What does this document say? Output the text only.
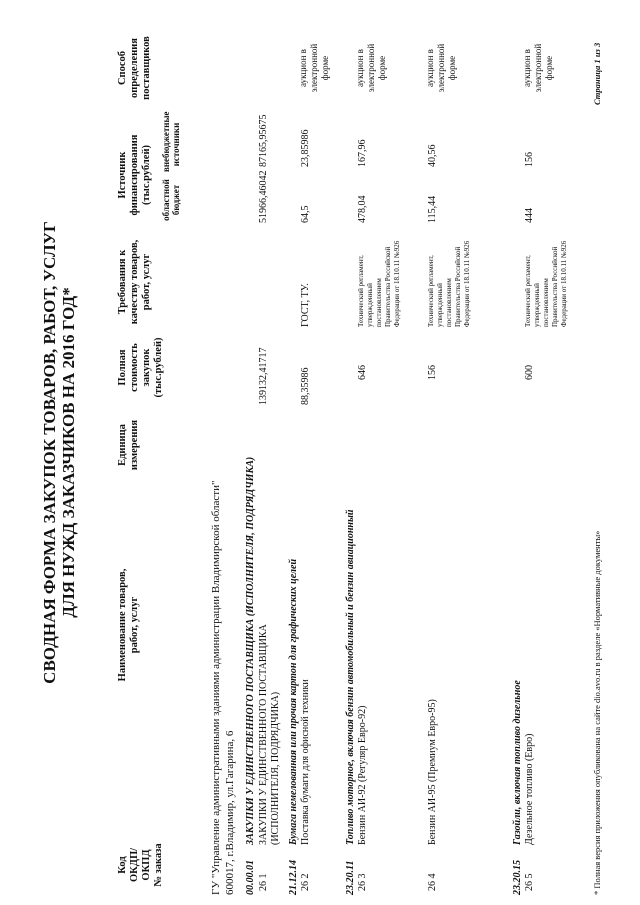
СВОДНАЯ ФОРМА ЗАКУПОК ТОВАРОВ, РАБОТ, УСЛУГ ДЛЯ НУЖД ЗАКАЗЧИКОВ НА 2016 ГОД*
Код ОКДП/ ОКПД № заказа
Наименование товаров, работ, услуг
Единица измерения
Полная стоимость закупок (тыс.рублей)
Требования к качеству товаров, работ, услуг
Источник финансирования (тыс.рублей) областной бюджет
внебюджетные источники
Способ определения поставщиков
ГУ "Управление административными зданиями администрации Владимирской области" 600017, г.Владимир, ул.Гагарина, 6 00.00.01
ЗАКУПКИ У ЕДИНСТВЕННОГО ПОСТАВЩИКА (ИСПОЛНИТЕЛЯ, ПОДРЯДЧИКА)
26 1
ЗАКУПКИ У ЕДИНСТВЕННОГО ПОСТАВЩИКА (ИСПОЛНИТЕЛЯ, ПОДРЯДЧИКА)
139132,41717
51966,46042
87165,95675
21.12.14
Бумага немелованная или прочая картон для графических целей
26 2
Поставка бумаги для офисной техники
88,35986
ГОСТ, ТУ.
64,5
23,85986
аукцион в электронной форме
23.20.11
Топливо моторное, включая бензин автомобильный и бензин авиационный
26 3
Бензин АИ-92 (Регуляр Евро-92)
646
Технический регламент, утвержденный постановлением Правительства Российской Федерации от 18.10.11 №926
478,04
167,96
аукцион в электронной форме
26 4
Бензин АИ-95 (Премиум Евро-95)
156
Технический регламент, утвержденный постановлением Правительства Российской Федерации от 18.10.11 №926
115,44
40,56
аукцион в электронной форме
23.20.15
Газойли, включая топливо дизельное
26 5
Дезельное топливо (Евро)
600
Технический регламент, утвержденный постановлением Правительства Российской Федерации от 18.10.11 №926
444
156
аукцион в электронной форме
* Полная версия приложения опубликована на сайте dio.avo.ru в разделе «Нормативные документы»
Страница 1 из 3
